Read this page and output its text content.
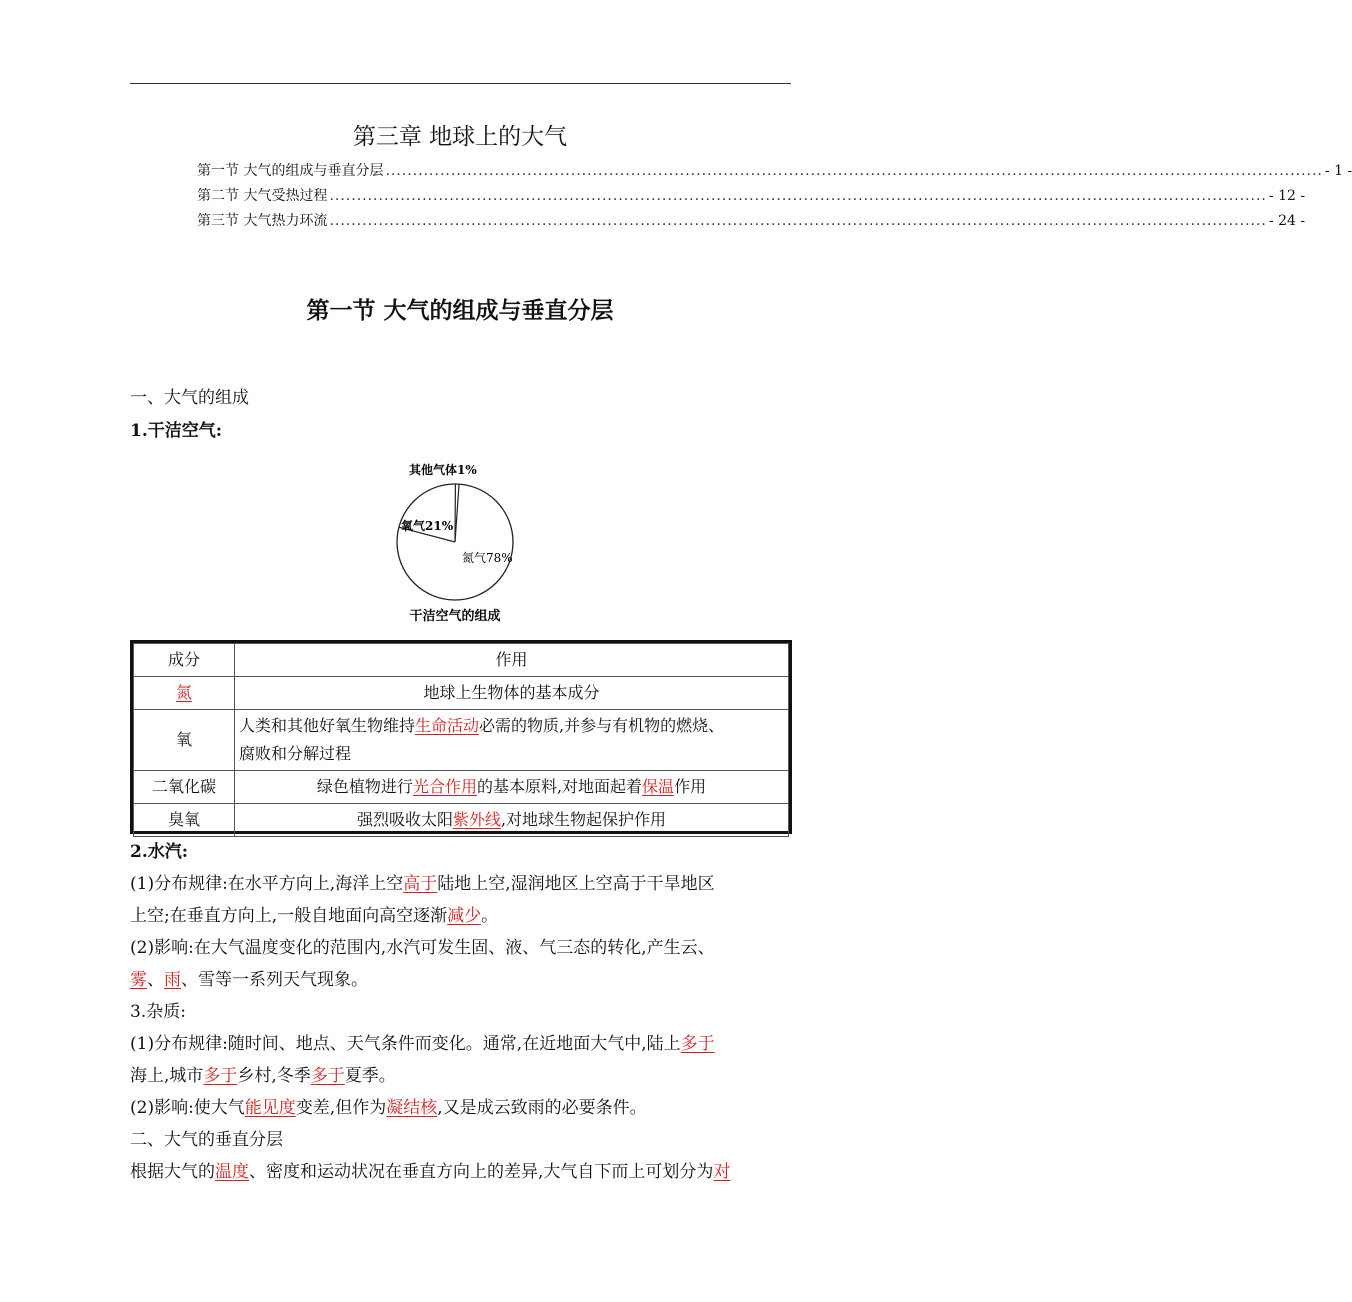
第三章 地球上的大气
第一节 大气的组成与垂直分层 ............................................................................................................................................................................ - 1 -
第二节 大气受热过程 ............................................................................................................................................................................ - 12 -
第三节 大气热力环流 ............................................................................................................................................................................ - 24 -
第一节 大气的组成与垂直分层
一、大气的组成
1.干洁空气:
其他气体1%
氧气21%
氮气78%
干洁空气的组成
成分	作用
氮	地球上生物体的基本成分
氧	人类和其他好氧生物维持生命活动必需的物质,并参与有机物的燃烧、
腐败和分解过程
二氧化碳	绿色植物进行光合作用的基本原料,对地面起着保温作用
臭氧	强烈吸收太阳紫外线,对地球生物起保护作用
2.水汽:
(1)分布规律:在水平方向上,海洋上空高于陆地上空,湿润地区上空高于干旱地区
上空;在垂直方向上,一般自地面向高空逐渐减少。
(2)影响:在大气温度变化的范围内,水汽可发生固、液、气三态的转化,产生云、
雾、雨、雪等一系列天气现象。
3.杂质:
(1)分布规律:随时间、地点、天气条件而变化。通常,在近地面大气中,陆上多于
海上,城市多于乡村,冬季多于夏季。
(2)影响:使大气能见度变差,但作为凝结核,又是成云致雨的必要条件。
二、大气的垂直分层
根据大气的温度、密度和运动状况在垂直方向上的差异,大气自下而上可划分为对
